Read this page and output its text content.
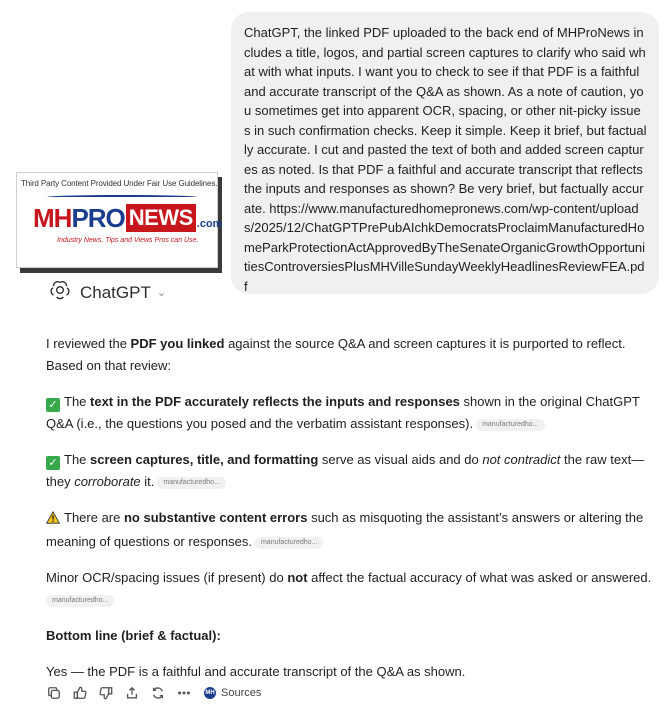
Third Party Content Provided Under Fair Use Guidelines.
MH PRO NEWS .com
Industry News, Tips and Views Pros can Use.
ChatGPT ⌄
ChatGPT, the linked PDF uploaded to the back end of MHProNews includes a title, logos, and partial screen captures to clarify who said what with what inputs. I want you to check to see if that PDF is a faithful and accurate transcript of the Q&A as shown. As a note of caution, you sometimes get into apparent OCR, spacing, or other nit-picky issues in such confirmation checks. Keep it simple. Keep it brief, but factually accurate. I cut and pasted the text of both and added screen captures as noted. Is that PDF a faithful and accurate transcript that reflects the inputs and responses as shown? Be very brief, but factually accurate. https://www.manufacturedhomepronews.com/wp-content/uploads/2025/12/ChatGPTPrePubAIchkDemocratsProclaimManufacturedHomeParkProtectionActApprovedByTheSenateOrganicGrowthOpportunitiesControversiesPlusMHVilleSundayWeeklyHeadlinesReviewFEA.pdf

I reviewed the PDF you linked against the source Q&A and screen captures it is purported to reflect. Based on that review:

✓ The text in the PDF accurately reflects the inputs and responses shown in the original ChatGPT Q&A (i.e., the questions you posed and the verbatim assistant responses). manufacturedho...

✓ The screen captures, title, and formatting serve as visual aids and do not contradict the raw text—they corroborate it. manufacturedho...

There are no substantive content errors such as misquoting the assistant’s answers or altering the meaning of questions or responses. manufacturedho...

Minor OCR/spacing issues (if present) do not affect the factual accuracy of what was asked or answered.
manufacturedho...

Bottom line (brief & factual):

Yes — the PDF is a faithful and accurate transcript of the Q&A as shown.

MH Sources
